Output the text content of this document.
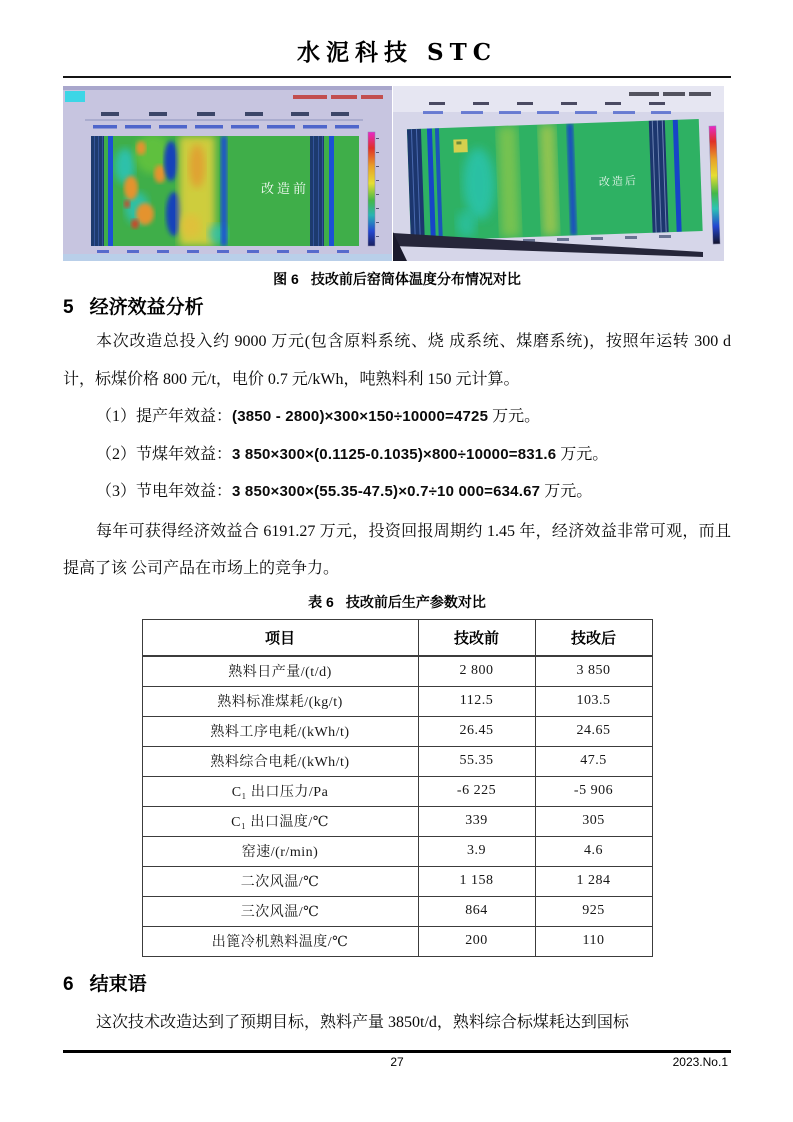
水泥科技 STC
改造前	改造后
图 6 技改前后窑筒体温度分布情况对比
5 经济效益分析

本次改造总投入约 9000 万元(包含原料系统、烧 成系统、煤磨系统)，按照年运转 300 d 计，标煤价格 800 元/t，电价 0.7 元/kWh，吨熟料利 150 元计算。

（1）提产年效益：(3850 - 2800)×300×150÷10000=4725 万元。

（2）节煤年效益：3 850×300×(0.1125-0.1035)×800÷10000=831.6 万元。

（3）节电年效益：3 850×300×(55.35-47.5)×0.7÷10 000=634.67 万元。

每年可获得经济效益合 6191.27 万元，投资回报周期约 1.45 年，经济效益非常可观，而且提高了该 公司产品在市场上的竞争力。

表 6 技改前后生产参数对比
项目	技改前	技改后
熟料日产量/(t/d)	2 800	3 850
熟料标准煤耗/(kg/t)	112.5	103.5
熟料工序电耗/(kWh/t)	26.45	24.65
熟料综合电耗/(kWh/t)	55.35	47.5
C₁ 出口压力/Pa	-6 225	-5 906
C₁ 出口温度/℃	339	305
窑速/(r/min)	3.9	4.6
二次风温/℃	1 158	1 284
三次风温/℃	864	925
出篦冷机熟料温度/℃	200	110
6 结束语

这次技术改造达到了预期目标，熟料产量 3850t/d，熟料综合标煤耗达到国标

27	2023.No.1
